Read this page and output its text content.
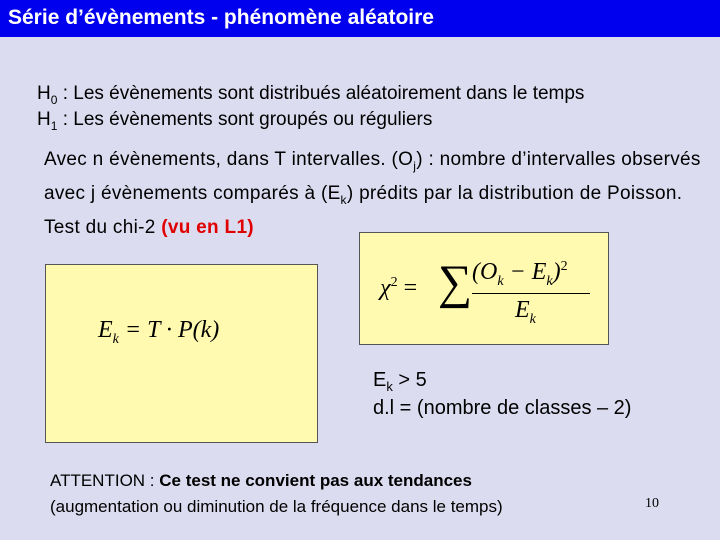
Série d’évènements - phénomène aléatoire
$H_0$ : Les évènements sont distribués aléatoirement dans le temps
$H_1$ : Les évènements sont groupés ou réguliers
Avec n évènements, dans T intervalles. $(O_j)$ : nombre d’intervalles observés avec j évènements comparés à $(E_k)$ prédits par la distribution de Poisson. Test du chi-2 (vu en L1)
$E_k = T \cdot P(k)$
$\chi^2$ = ∑ $(O_k - E_k)^2$
$E_k$
$E_k > 5$
d.l = (nombre de classes – 2)
ATTENTION : Ce test ne convient pas aux tendances
(augmentation ou diminution de la fréquence dans le temps)	10
